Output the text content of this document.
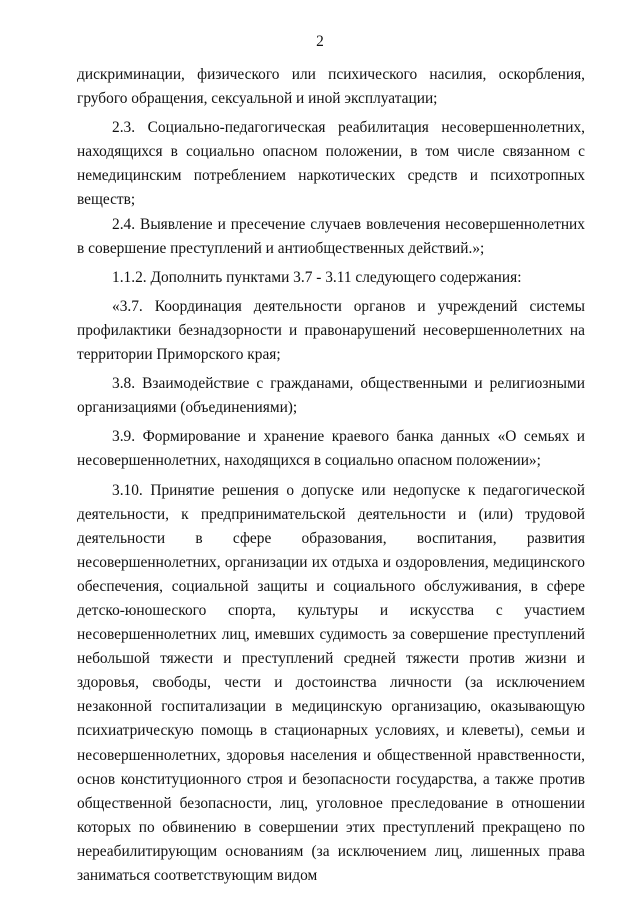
2
дискриминации, физического или психического насилия, оскорбления, грубого обращения, сексуальной и иной эксплуатации;
2.3. Социально-педагогическая реабилитация несовершеннолетних, находящихся в социально опасном положении, в том числе связанном с немедицинским потреблением наркотических средств и психотропных веществ;
2.4. Выявление и пресечение случаев вовлечения несовершеннолетних в совершение преступлений и антиобщественных действий.»;
1.1.2. Дополнить пунктами 3.7 - 3.11 следующего содержания:
«3.7. Координация деятельности органов и учреждений системы профилактики безнадзорности и правонарушений несовершеннолетних на территории Приморского края;
3.8. Взаимодействие с гражданами, общественными и религиозными организациями (объединениями);
3.9. Формирование и хранение краевого банка данных «О семьях и несовершеннолетних, находящихся в социально опасном положении»;
3.10. Принятие решения о допуске или недопуске к педагогической деятельности, к предпринимательской деятельности и (или) трудовой деятельности в сфере образования, воспитания, развития несовершеннолетних, организации их отдыха и оздоровления, медицинского обеспечения, социальной защиты и социального обслуживания, в сфере детско-юношеского спорта, культуры и искусства с участием несовершеннолетних лиц, имевших судимость за совершение преступлений небольшой тяжести и преступлений средней тяжести против жизни и здоровья, свободы, чести и достоинства личности (за исключением незаконной госпитализации в медицинскую организацию, оказывающую психиатрическую помощь в стационарных условиях, и клеветы), семьи и несовершеннолетних, здоровья населения и общественной нравственности, основ конституционного строя и безопасности государства, а также против общественной безопасности, лиц, уголовное преследование в отношении которых по обвинению в совершении этих преступлений прекращено по нереабилитирующим основаниям (за исключением лиц, лишенных права заниматься соответствующим видом
